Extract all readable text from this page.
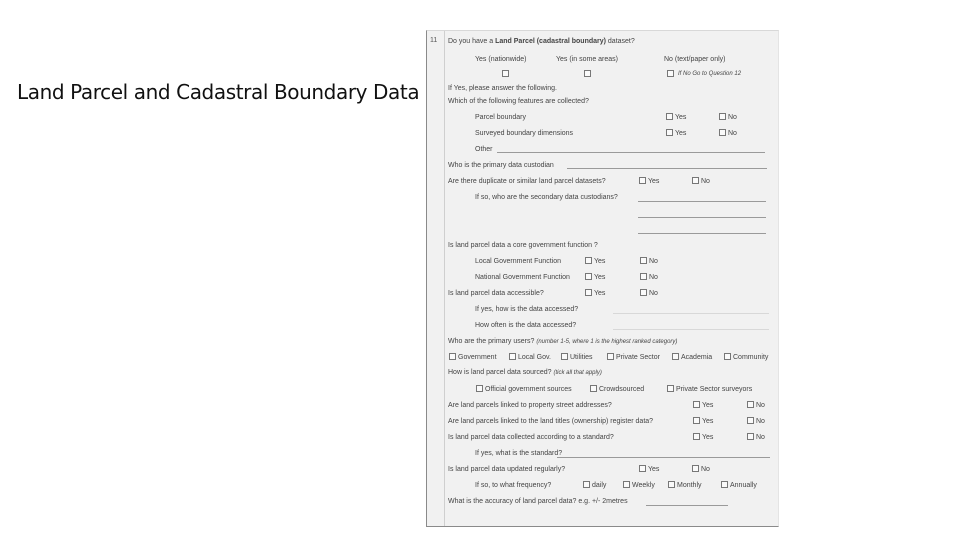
Land Parcel and Cadastral Boundary Data
11 Do you have a Land Parcel (cadastral boundary) dataset?
Yes (nationwide)	Yes (in some areas)	No (text/paper only)
If No Go to Question 12
If Yes, please answer the following.
Which of the following features are collected?
Parcel boundary	Yes	No
Surveyed boundary dimensions	Yes	No
Other
Who is the primary data custodian
Are there duplicate or similar land parcel datasets?	Yes	No
If so, who are the secondary data custodians?
Is land parcel data a core government function ?
Local Government Function	Yes	No
National Government Function	Yes	No
Is land parcel data accessible?	Yes	No
If yes, how is the data accessed?
How often is the data accessed?
Who are the primary users? (number 1-5, where 1 is the highest ranked category)
Government	Local Gov.	Utilities	Private Sector	Academia	Community
How is land parcel data sourced? (tick all that apply)
Official government sources	Crowdsourced	Private Sector surveyors
Are land parcels linked to property street addresses?	Yes	No
Are land parcels linked to the land titles (ownership) register data?	Yes	No
Is land parcel data collected according to a standard?	Yes	No
If yes, what is the standard?
Is land parcel data updated regularly?	Yes	No
If so, to what frequency?	daily	Weekly	Monthly	Annually
What is the accuracy of land parcel data? e.g. +/- 2metres
